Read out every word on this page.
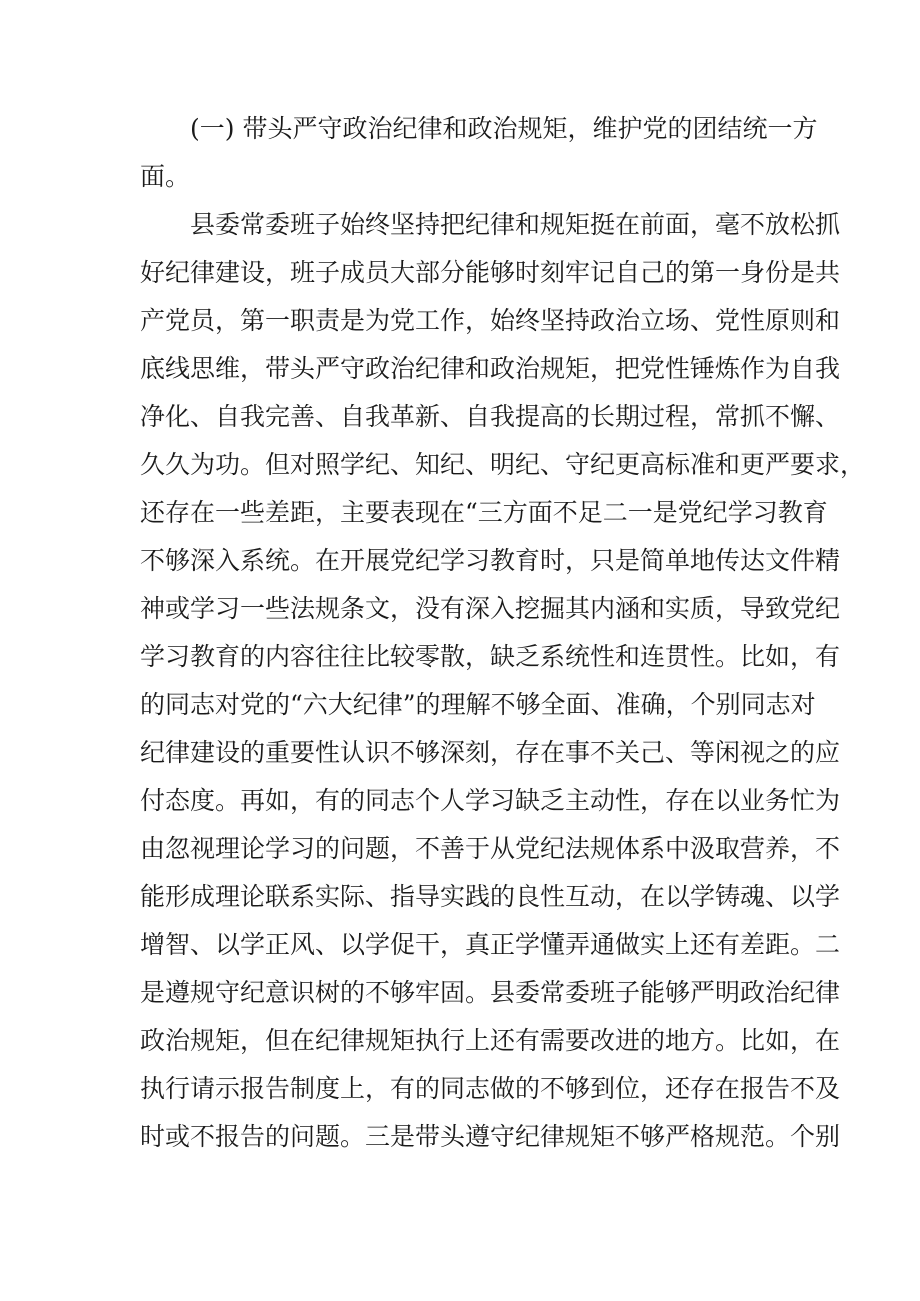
(一) 带头严守政治纪律和政治规矩，维护党的团结统一方
面。
县委常委班子始终坚持把纪律和规矩挺在前面，毫不放松抓
好纪律建设，班子成员大部分能够时刻牢记自己的第一身份是共
产党员，第一职责是为党工作，始终坚持政治立场、党性原则和
底线思维，带头严守政治纪律和政治规矩，把党性锤炼作为自我
净化、自我完善、自我革新、自我提高的长期过程，常抓不懈、
久久为功。但对照学纪、知纪、明纪、守纪更高标准和更严要求，
还存在一些差距，主要表现在“三方面不足二一是党纪学习教育
不够深入系统。在开展党纪学习教育时，只是简单地传达文件精
神或学习一些法规条文，没有深入挖掘其内涵和实质，导致党纪
学习教育的内容往往比较零散，缺乏系统性和连贯性。比如，有
的同志对党的“六大纪律”的理解不够全面、准确，个别同志对
纪律建设的重要性认识不够深刻，存在事不关己、等闲视之的应
付态度。再如，有的同志个人学习缺乏主动性，存在以业务忙为
由忽视理论学习的问题，不善于从党纪法规体系中汲取营养，不
能形成理论联系实际、指导实践的良性互动，在以学铸魂、以学
增智、以学正风、以学促干，真正学懂弄通做实上还有差距。二
是遵规守纪意识树的不够牢固。县委常委班子能够严明政治纪律
政治规矩，但在纪律规矩执行上还有需要改进的地方。比如，在
执行请示报告制度上，有的同志做的不够到位，还存在报告不及
时或不报告的问题。三是带头遵守纪律规矩不够严格规范。个别
